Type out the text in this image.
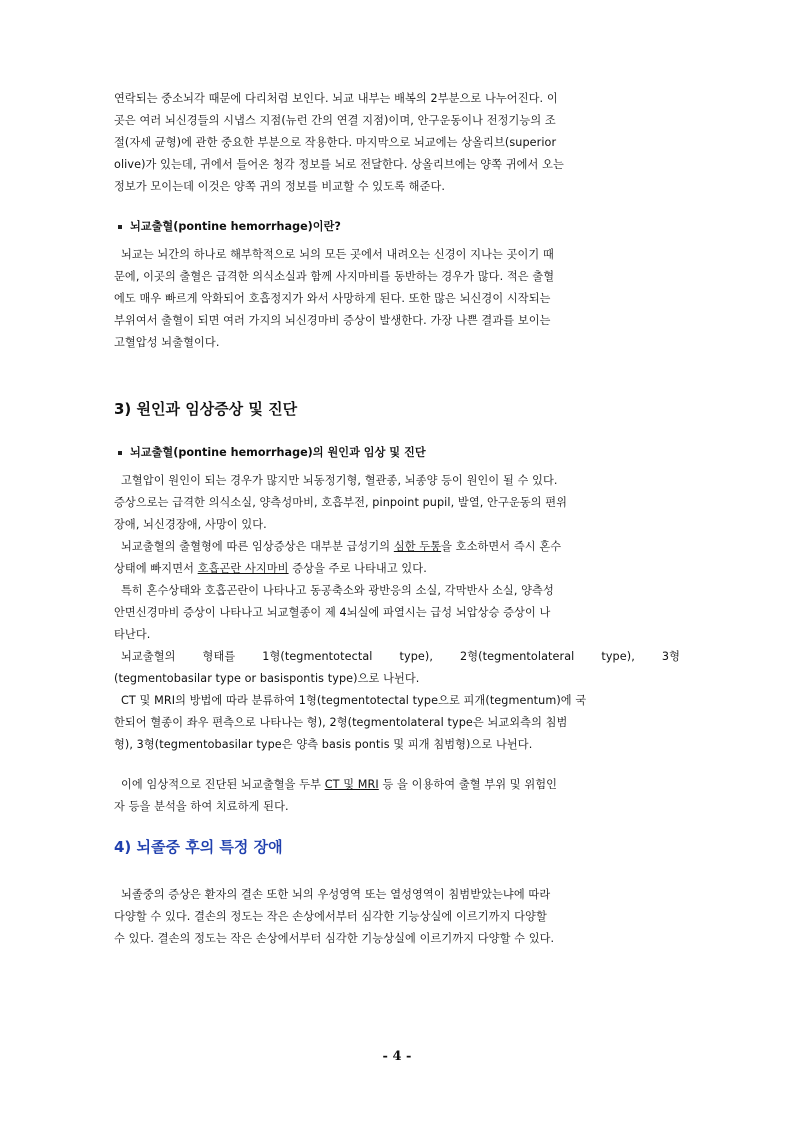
연락되는 중소뇌각 때문에 다리처럼 보인다. 뇌교 내부는 배복의 2부분으로 나누어진다. 이

곳은 여러 뇌신경들의 시냅스 지점(뉴런 간의 연결 지점)이며, 안구운동이나 전정기능의 조

절(자세 균형)에 관한 중요한 부분으로 작용한다. 마지막으로 뇌교에는 상올리브(superior

olive)가 있는데, 귀에서 들어온 청각 정보를 뇌로 전달한다. 상올리브에는 양쪽 귀에서 오는

정보가 모이는데 이것은 양쪽 귀의 정보를 비교할 수 있도록 해준다.

뇌교출혈(pontine hemorrhage)이란?

뇌교는 뇌간의 하나로 해부학적으로 뇌의 모든 곳에서 내려오는 신경이 지나는 곳이기 때

문에, 이곳의 출혈은 급격한 의식소실과 함께 사지마비를 동반하는 경우가 많다. 적은 출혈

에도 매우 빠르게 악화되어 호흡정지가 와서 사망하게 된다. 또한 많은 뇌신경이 시작되는

부위여서 출혈이 되면 여러 가지의 뇌신경마비 증상이 발생한다. 가장 나쁜 결과를 보이는

고혈압성 뇌출혈이다.

3) 원인과 임상증상 및 진단

뇌교출혈(pontine hemorrhage)의 원인과 임상 및 진단

고혈압이 원인이 되는 경우가 많지만 뇌동정기형, 혈관종, 뇌종양 등이 원인이 될 수 있다.

증상으로는 급격한 의식소실, 양측성마비, 호흡부전, pinpoint pupil, 발열, 안구운동의 편위

장애, 뇌신경장애, 사망이 있다.

뇌교출혈의 출혈형에 따른 임상증상은 대부분 급성기의 심한 두통을 호소하면서 즉시 혼수

상태에 빠지면서 호흡곤란 사지마비 증상을 주로 나타내고 있다.

특히 혼수상태와 호흡곤란이 나타나고 동공축소와 광반응의 소실, 각막반사 소실, 양측성

안면신경마비 증상이 나타나고 뇌교혈종이 제 4뇌실에 파열시는 급성 뇌압상승 증상이 나

타난다.

뇌교출혈의 형태를 1형(tegmentotectal type), 2형(tegmentolateral type), 3형

(tegmentobasilar type or basispontis type)으로 나뉜다.

CT 및 MRI의 방법에 따라 분류하여 1형(tegmentotectal type으로 피개(tegmentum)에 국

한되어 혈종이 좌우 편측으로 나타나는 형), 2형(tegmentolateral type은 뇌교외측의 침범

형), 3형(tegmentobasilar type은 양측 basis pontis 및 피개 침범형)으로 나뉜다.

이에 임상적으로 진단된 뇌교출혈을 두부 CT 및 MRI 등 을 이용하여 출혈 부위 및 위험인

자 등을 분석을 하여 치료하게 된다.

4) 뇌졸중 후의 특정 장애

뇌졸중의 증상은 환자의 결손 또한 뇌의 우성영역 또는 열성영역이 침범받았는냐에 따라

다양할 수 있다. 결손의 정도는 작은 손상에서부터 심각한 기능상실에 이르기까지 다양할

수 있다. 결손의 정도는 작은 손상에서부터 심각한 기능상실에 이르기까지 다양할 수 있다.

- 4 -
